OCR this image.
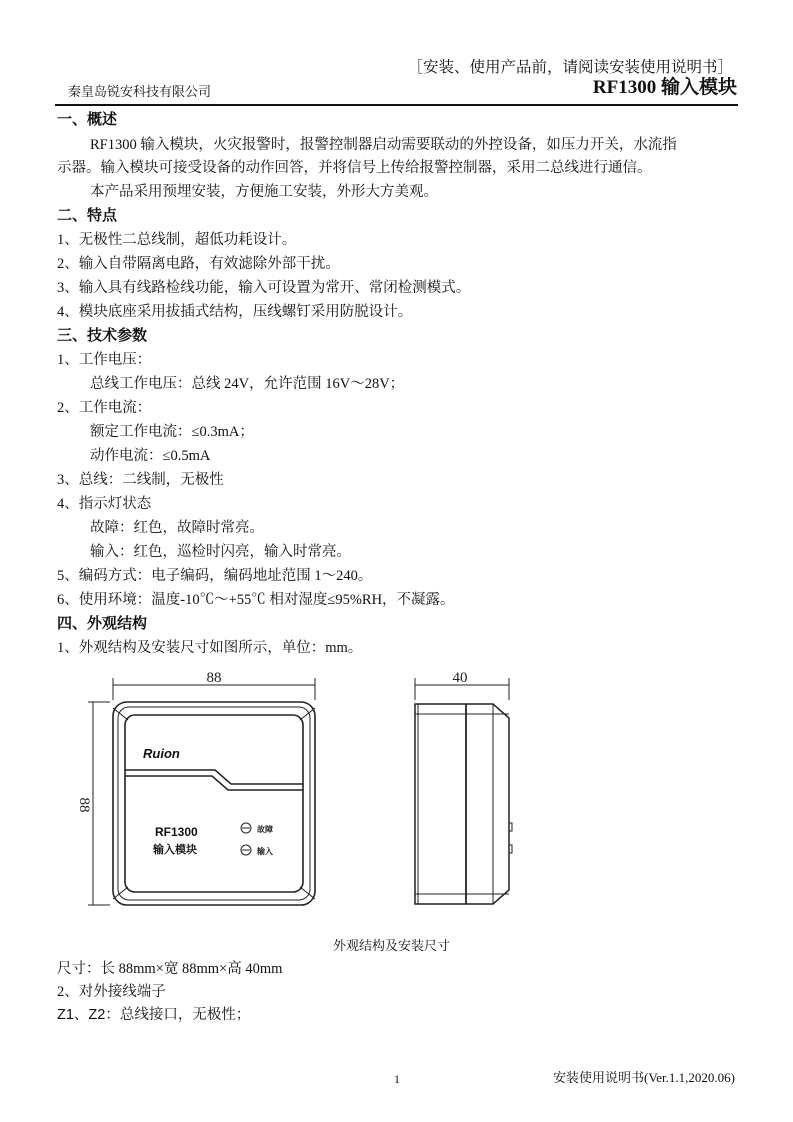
［安装、使用产品前，请阅读安装使用说明书］
秦皇岛锐安科技有限公司	RF1300 输入模块
一、概述
RF1300 输入模块，火灾报警时，报警控制器启动需要联动的外控设备，如压力开关，水流指
示器。输入模块可接受设备的动作回答，并将信号上传给报警控制器，采用二总线进行通信。
本产品采用预埋安装，方便施工安装，外形大方美观。
二、特点
1、无极性二总线制，超低功耗设计。
2、输入自带隔离电路，有效滤除外部干扰。
3、输入具有线路检线功能，输入可设置为常开、常闭检测模式。
4、模块底座采用拔插式结构，压线螺钉采用防脱设计。
三、技术参数
1、工作电压：
总线工作电压：总线 24V，允许范围 16V～28V；
2、工作电流：
额定工作电流：≤0.3mA；
动作电流：≤0.5mA
3、总线：二线制，无极性
4、指示灯状态
故障：红色，故障时常亮。
输入：红色，巡检时闪亮，输入时常亮。
5、编码方式：电子编码，编码地址范围 1～240。
6、使用环境：温度-10℃～+55℃ 相对湿度≤95%RH，不凝露。
四、外观结构
1、外观结构及安装尺寸如图所示，单位：mm。
88
88
Ruion
RF1300
输入模块
故障
输入
40
外观结构及安装尺寸
尺寸：长 88mm×宽 88mm×高 40mm
2、对外接线端子
Z1、Z2：总线接口，无极性；
1	安装使用说明书(Ver.1.1,2020.06)
